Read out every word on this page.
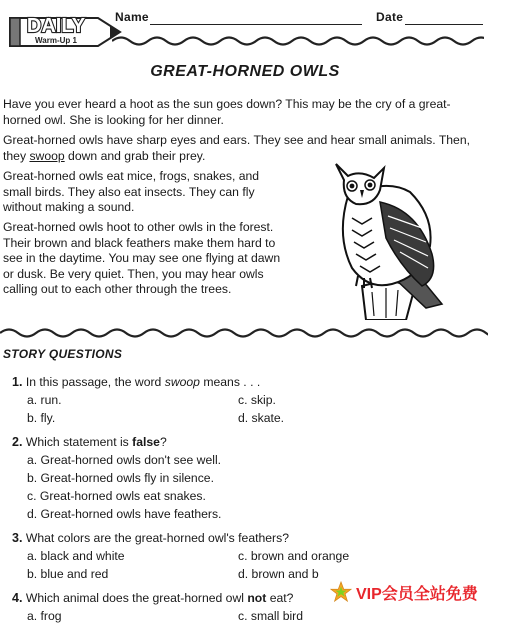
DAILY
Warm-Up 1
Name	Date
GREAT-HORNED OWLS
Have you ever heard a hoot as the sun goes down? This may be the cry of a great-horned owl. She is looking for her dinner.
Great-horned owls have sharp eyes and ears. They see and hear small animals. Then, they swoop down and grab their prey.
Great-horned owls eat mice, frogs, snakes, and small birds. They also eat insects. They can fly without making a sound.
Great-horned owls hoot to other owls in the forest. Their brown and black feathers make them hard to see in the daytime. You may see one flying at dawn or dusk. Be very quiet. Then, you may hear owls calling out to each other through the trees.
STORY QUESTIONS
1. In this passage, the word swoop means . . .
a. run.
b. fly.
c. skip.
d. skate.
2. Which statement is false?
a. Great-horned owls don't see well.
b. Great-horned owls fly in silence.
c. Great-horned owls eat snakes.
d. Great-horned owls have feathers.
3. What colors are the great-horned owl's feathers?
a. black and white
b. blue and red
c. brown and orange
d. brown and b
4. Which animal does the great-horned owl not eat?
a. frog	c. small bird
VIP会员全站免费
